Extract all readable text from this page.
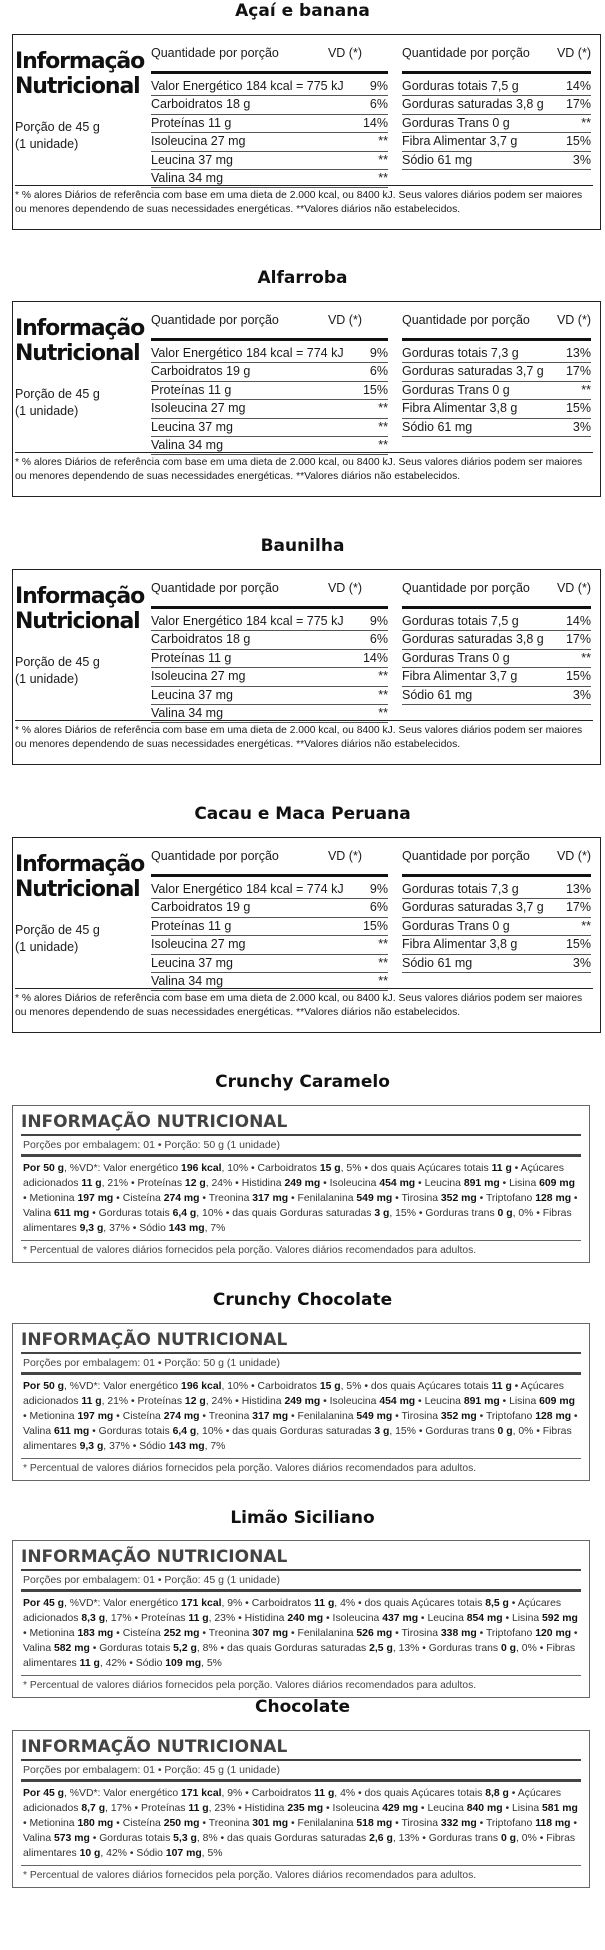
Açaí e banana
Informação
Nutricional
Porção de 45 g
(1 unidade)
Quantidade por porção	VD (*)
Valor Energético 184 kcal = 775 kJ 9%
Carboidratos 18 g	6%
Proteínas 11 g	14%
Isoleucina 27 mg	**
Leucina 37 mg	**
Valina 34 mg	**
Quantidade por porção VD (*)
Gorduras totais 7,5 g	14%
Gorduras saturadas 3,8 g 17%
Gorduras Trans 0 g	**
Fibra Alimentar 3,7 g	15%
Sódio 61 mg	3%
* % alores Diários de referência com base em uma dieta de 2.000 kcal, ou 8400 kJ. Seus valores diários podem ser maiores ou menores dependendo de suas necessidades energéticas. **Valores diários não estabelecidos.
Alfarroba
Informação
Nutricional
Porção de 45 g
(1 unidade)
Quantidade por porção	VD (*)
Valor Energético 184 kcal = 774 kJ 9%
Carboidratos 19 g	6%
Proteínas 11 g	15%
Isoleucina 27 mg	**
Leucina 37 mg	**
Valina 34 mg	**
Quantidade por porção VD (*)
Gorduras totais 7,3 g	13%
Gorduras saturadas 3,7 g 17%
Gorduras Trans 0 g	**
Fibra Alimentar 3,8 g	15%
Sódio 61 mg	3%
* % alores Diários de referência com base em uma dieta de 2.000 kcal, ou 8400 kJ. Seus valores diários podem ser maiores ou menores dependendo de suas necessidades energéticas. **Valores diários não estabelecidos.
Baunilha
Informação
Nutricional
Porção de 45 g
(1 unidade)
Quantidade por porção	VD (*)
Valor Energético 184 kcal = 775 kJ 9%
Carboidratos 18 g	6%
Proteínas 11 g	14%
Isoleucina 27 mg	**
Leucina 37 mg	**
Valina 34 mg	**
Quantidade por porção VD (*)
Gorduras totais 7,5 g	14%
Gorduras saturadas 3,8 g 17%
Gorduras Trans 0 g	**
Fibra Alimentar 3,7 g	15%
Sódio 61 mg	3%
* % alores Diários de referência com base em uma dieta de 2.000 kcal, ou 8400 kJ. Seus valores diários podem ser maiores ou menores dependendo de suas necessidades energéticas. **Valores diários não estabelecidos.
Cacau e Maca Peruana
Informação
Nutricional
Porção de 45 g
(1 unidade)
Quantidade por porção	VD (*)
Valor Energético 184 kcal = 774 kJ 9%
Carboidratos 19 g	6%
Proteínas 11 g	15%
Isoleucina 27 mg	**
Leucina 37 mg	**
Valina 34 mg	**
Quantidade por porção VD (*)
Gorduras totais 7,3 g	13%
Gorduras saturadas 3,7 g 17%
Gorduras Trans 0 g	**
Fibra Alimentar 3,8 g	15%
Sódio 61 mg	3%
* % alores Diários de referência com base em uma dieta de 2.000 kcal, ou 8400 kJ. Seus valores diários podem ser maiores ou menores dependendo de suas necessidades energéticas. **Valores diários não estabelecidos.
Crunchy Caramelo
INFORMAÇÃO NUTRICIONAL
Porções por embalagem: 01 • Porção: 50 g (1 unidade)
Por 50 g, %VD*: Valor energético 196 kcal, 10% • Carboidratos 15 g, 5% • dos quais Açúcares totais 11 g • Açúcares adicionados 11 g, 21% • Proteínas 12 g, 24% • Histidina 249 mg • Isoleucina 454 mg • Leucina 891 mg • Lisina 609 mg • Metionina 197 mg • Cisteína 274 mg • Treonina 317 mg • Fenilalanina 549 mg • Tirosina 352 mg • Triptofano 128 mg • Valina 611 mg • Gorduras totais 6,4 g, 10% • das quais Gorduras saturadas 3 g, 15% • Gorduras trans 0 g, 0% • Fibras alimentares 9,3 g, 37% • Sódio 143 mg, 7%
* Percentual de valores diários fornecidos pela porção. Valores diários recomendados para adultos.
Crunchy Chocolate
INFORMAÇÃO NUTRICIONAL
Porções por embalagem: 01 • Porção: 50 g (1 unidade)
Por 50 g, %VD*: Valor energético 196 kcal, 10% • Carboidratos 15 g, 5% • dos quais Açúcares totais 11 g • Açúcares adicionados 11 g, 21% • Proteínas 12 g, 24% • Histidina 249 mg • Isoleucina 454 mg • Leucina 891 mg • Lisina 609 mg • Metionina 197 mg • Cisteína 274 mg • Treonina 317 mg • Fenilalanina 549 mg • Tirosina 352 mg • Triptofano 128 mg • Valina 611 mg • Gorduras totais 6,4 g, 10% • das quais Gorduras saturadas 3 g, 15% • Gorduras trans 0 g, 0% • Fibras alimentares 9,3 g, 37% • Sódio 143 mg, 7%
* Percentual de valores diários fornecidos pela porção. Valores diários recomendados para adultos.
Limão Siciliano
INFORMAÇÃO NUTRICIONAL
Porções por embalagem: 01 • Porção: 45 g (1 unidade)
Por 45 g, %VD*: Valor energético 171 kcal, 9% • Carboidratos 11 g, 4% • dos quais Açúcares totais 8,5 g • Açúcares adicionados 8,3 g, 17% • Proteínas 11 g, 23% • Histidina 240 mg • Isoleucina 437 mg • Leucina 854 mg • Lisina 592 mg • Metionina 183 mg • Cisteína 252 mg • Treonina 307 mg • Fenilalanina 526 mg • Tirosina 338 mg • Triptofano 120 mg • Valina 582 mg • Gorduras totais 5,2 g, 8% • das quais Gorduras saturadas 2,5 g, 13% • Gorduras trans 0 g, 0% • Fibras alimentares 11 g, 42% • Sódio 109 mg, 5%
* Percentual de valores diários fornecidos pela porção. Valores diários recomendados para adultos.
Chocolate
INFORMAÇÃO NUTRICIONAL
Porções por embalagem: 01 • Porção: 45 g (1 unidade)
Por 45 g, %VD*: Valor energético 171 kcal, 9% • Carboidratos 11 g, 4% • dos quais Açúcares totais 8,8 g • Açúcares adicionados 8,7 g, 17% • Proteínas 11 g, 23% • Histidina 235 mg • Isoleucina 429 mg • Leucina 840 mg • Lisina 581 mg • Metionina 180 mg • Cisteína 250 mg • Treonina 301 mg • Fenilalanina 518 mg • Tirosina 332 mg • Triptofano 118 mg • Valina 573 mg • Gorduras totais 5,3 g, 8% • das quais Gorduras saturadas 2,6 g, 13% • Gorduras trans 0 g, 0% • Fibras alimentares 10 g, 42% • Sódio 107 mg, 5%
* Percentual de valores diários fornecidos pela porção. Valores diários recomendados para adultos.
